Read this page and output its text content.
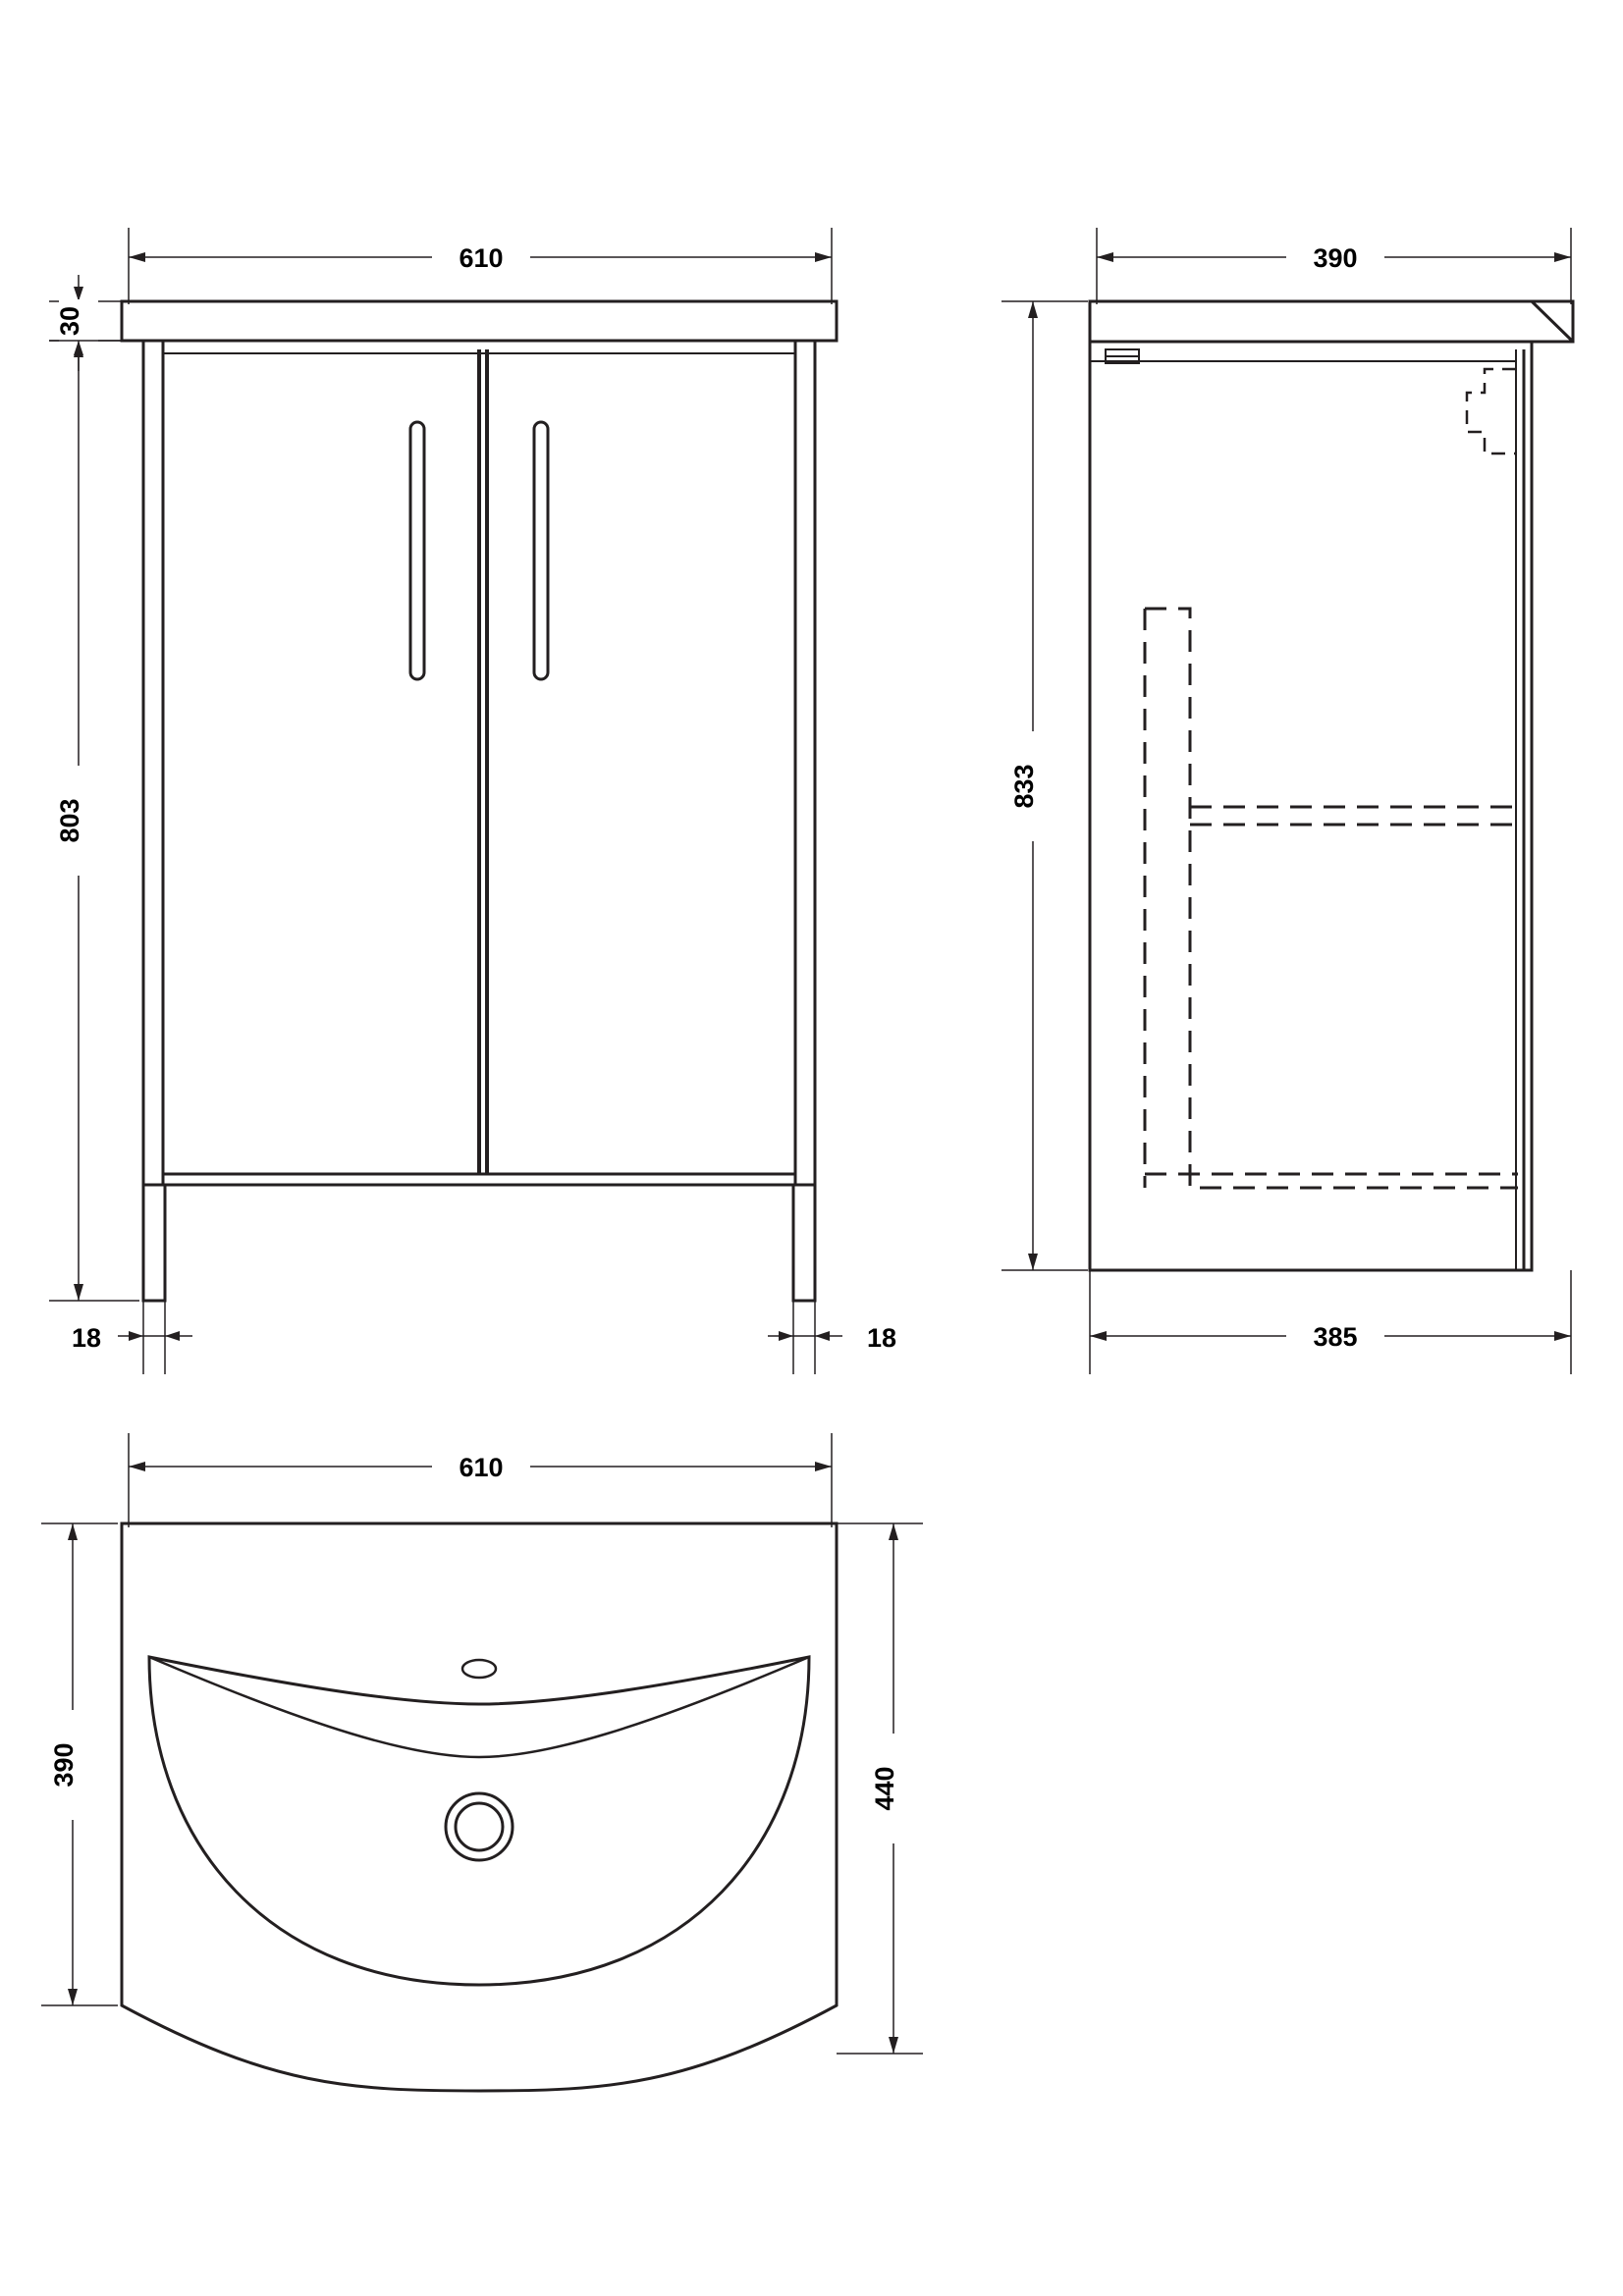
610
30
803
18	18
390
833
385
610
390
440
